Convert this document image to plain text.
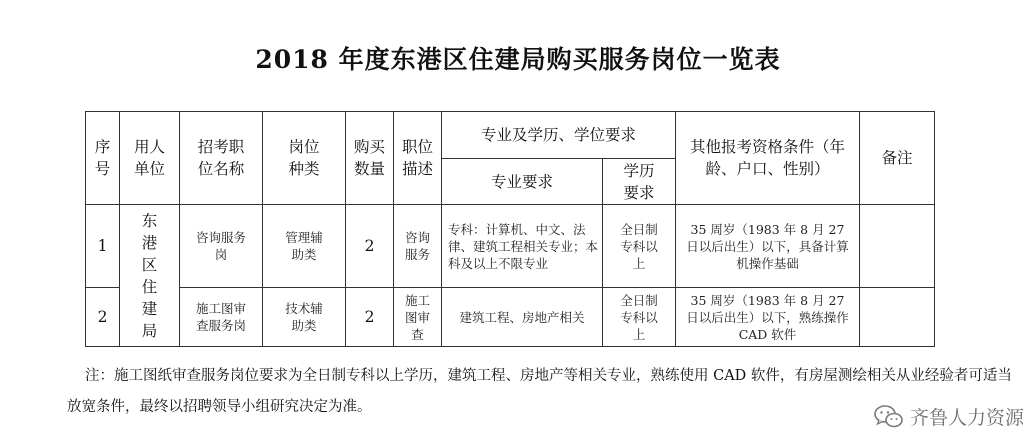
2018 年度东港区住建局购买服务岗位一览表
序号	用人单位	招考职位名称	岗位种类	购买数量	职位描述	专业及学历、学位要求		其他报考资格条件（年龄、户口、性别）	备注
						专业要求	学历要求		
1	东港区住建局	咨询服务岗	管理辅助类	2	咨询服务	专科：计算机、中文、法律、建筑工程相关专业；本科及以上不限专业	全日制专科以上	35 周岁（1983 年 8 月 27 日以后出生）以下，具备计算机操作基础	
2		施工图审查服务岗	技术辅助类	2	施工图审查	建筑工程、房地产相关	全日制专科以上	35 周岁（1983 年 8 月 27 日以后出生）以下，熟练操作 CAD 软件	
注：施工图纸审查服务岗位要求为全日制专科以上学历，建筑工程、房地产等相关专业，熟练使用 CAD 软件，有房屋测绘相关从业经验者可适当放宽条件，最终以招聘领导小组研究决定为准。	齐鲁人力资源
